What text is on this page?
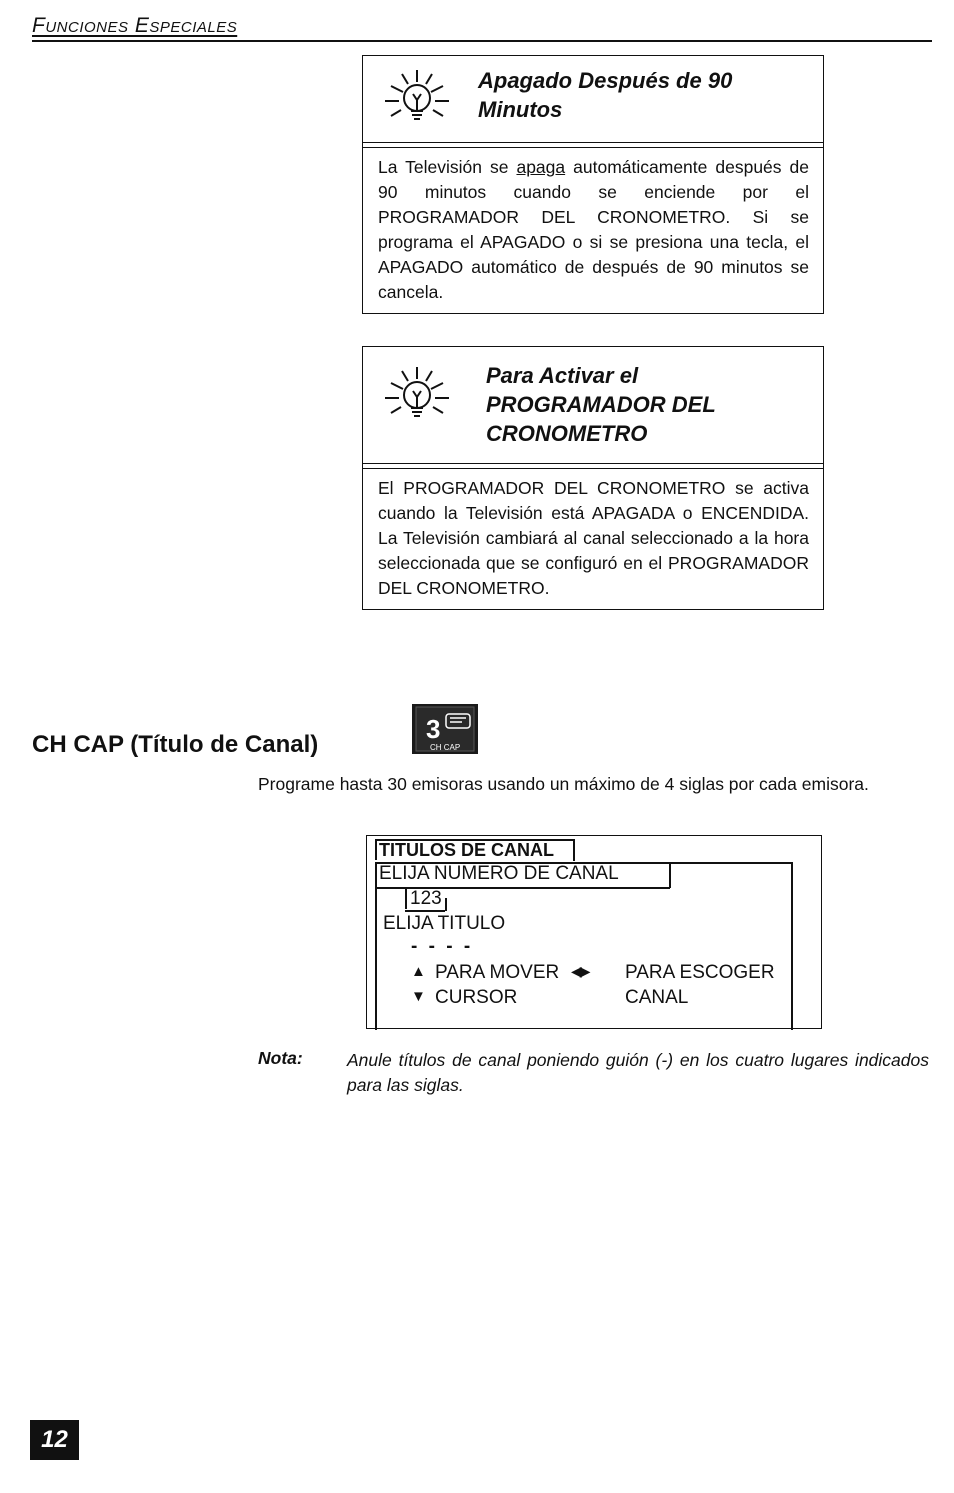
Funciones Especiales
Apagado Después de 90 Minutos
La Televisión se apaga automáticamente después de 90 minutos cuando se enciende por el PROGRAMADOR DEL CRONOMETRO. Si se programa el APAGADO o si se presiona una tecla, el APAGADO automático de después de 90 minutos se cancela.
Para Activar el
PROGRAMADOR DEL
CRONOMETRO
El PROGRAMADOR DEL CRONOMETRO se activa cuando la Televisión está APAGADA o ENCENDIDA. La Televisión cambiará al canal seleccionado a la hora seleccionada que se configuró en el PROGRAMADOR DEL CRONOMETRO.
CH CAP (Título de Canal)
3
CH CAP
Programe hasta 30 emisoras usando un máximo de 4 siglas por cada emisora.
TITULOS DE CANAL
ELIJA NUMERO DE CANAL
123
ELIJA TITULO
- - - -
▲ PARA MOVER ◀▶ PARA ESCOGER
▼ CURSOR	CANAL
Nota:	Anule títulos de canal poniendo guión (-) en los cuatro lugares indicados para las siglas.
12
